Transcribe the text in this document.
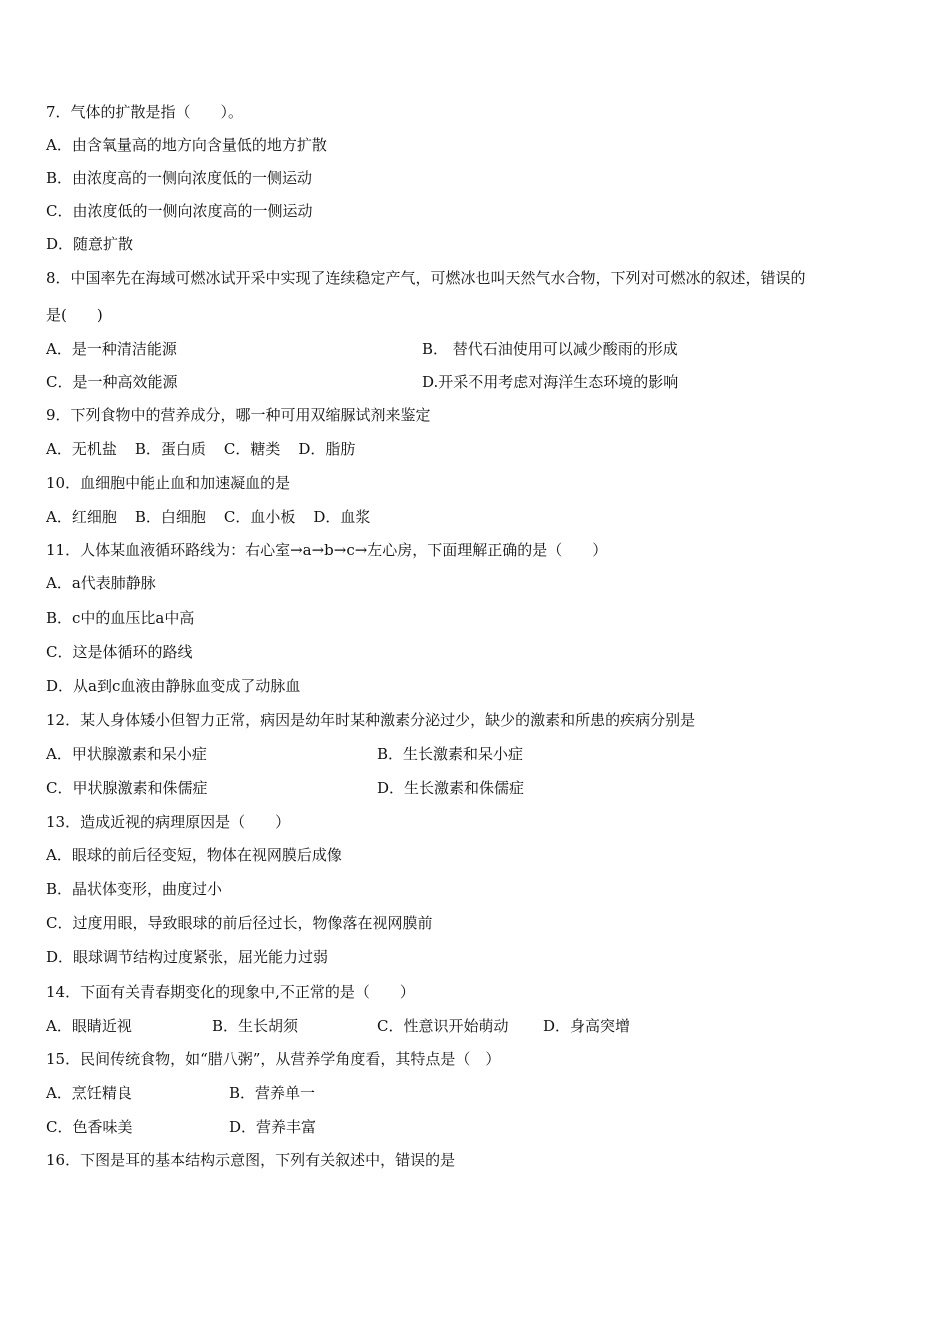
7．气体的扩散是指（　　）。
A．由含氧量高的地方向含量低的地方扩散
B．由浓度高的一侧向浓度低的一侧运动
C．由浓度低的一侧向浓度高的一侧运动
D．随意扩散
8．中国率先在海域可燃冰试开采中实现了连续稳定产气，可燃冰也叫天然气水合物，下列对可燃冰的叙述，错误的
是(　　)
A．是一种清洁能源	B． 替代石油使用可以减少酸雨的形成
C．是一种高效能源	D.开采不用考虑对海洋生态环境的影响
9．下列食物中的营养成分，哪一种可用双缩脲试剂来鉴定
A．无机盐 B．蛋白质 C．糖类 D．脂肪
10．血细胞中能止血和加速凝血的是
A．红细胞 B．白细胞 C．血小板 D．血浆
11．人体某血液循环路线为：右心室→a→b→c→左心房，下面理解正确的是（　　）
A．a代表肺静脉
B．c中的血压比a中高
C．这是体循环的路线
D．从a到c血液由静脉血变成了动脉血
12．某人身体矮小但智力正常，病因是幼年时某种激素分泌过少，缺少的激素和所患的疾病分别是
A．甲状腺激素和呆小症	B．生长激素和呆小症
C．甲状腺激素和侏儒症	D．生长激素和侏儒症
13．造成近视的病理原因是（　　）
A．眼球的前后径变短，物体在视网膜后成像
B．晶状体变形，曲度过小
C．过度用眼，导致眼球的前后径过长，物像落在视网膜前
D．眼球调节结构过度紧张，屈光能力过弱
14．下面有关青春期变化的现象中,不正常的是（　　）
A．眼睛近视	B．生长胡须	C．性意识开始萌动 D．身高突增
15．民间传统食物，如“腊八粥”，从营养学角度看，其特点是（　）
A．烹饪精良	B．营养单一
C．色香味美	D．营养丰富
16．下图是耳的基本结构示意图，下列有关叙述中，错误的是
